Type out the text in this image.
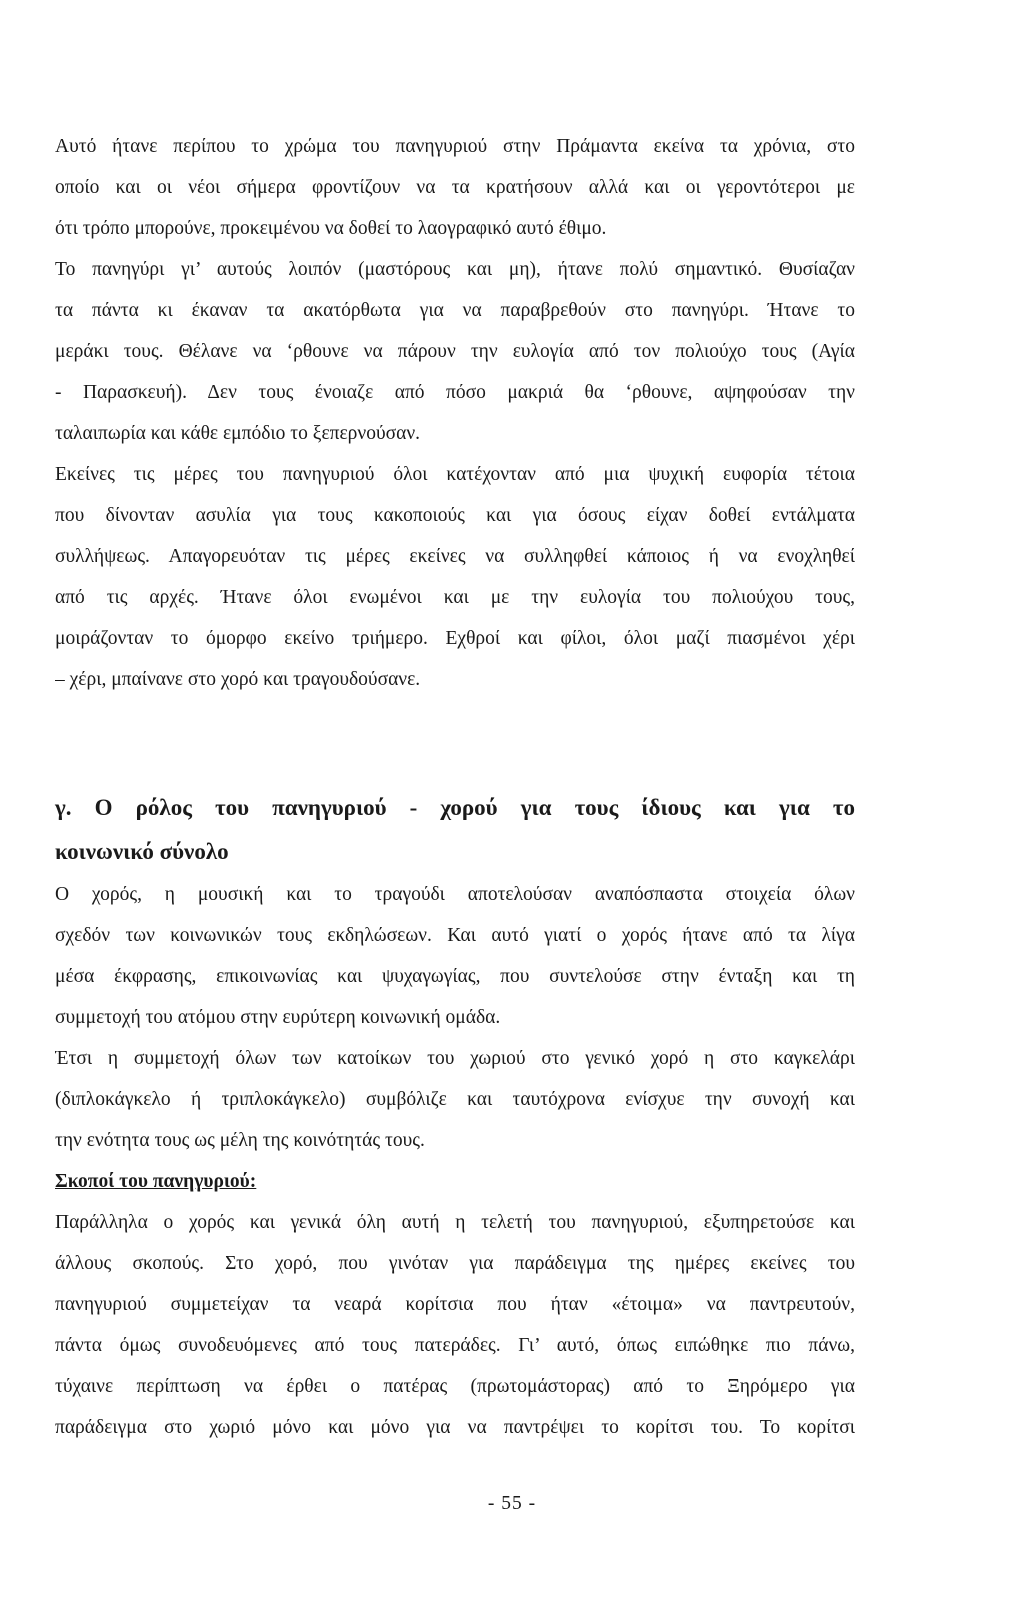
Αυτό ήτανε περίπου το χρώμα του πανηγυριού στην Πράμαντα εκείνα τα χρόνια, στο
οποίο και οι νέοι σήμερα φροντίζουν να τα κρατήσουν αλλά και οι γεροντότεροι με
ότι τρόπο μπορούνε, προκειμένου να δοθεί το λαογραφικό αυτό έθιμο.
Το πανηγύρι γι’ αυτούς λοιπόν (μαστόρους και μη), ήτανε πολύ σημαντικό. Θυσίαζαν
τα πάντα κι έκαναν τα ακατόρθωτα για να παραβρεθούν στο πανηγύρι. Ήτανε το
μεράκι τους. Θέλανε να ‘ρθουνε να πάρουν την ευλογία από τον πολιούχο τους (Αγία
- Παρασκευή). Δεν τους ένοιαζε από πόσο μακριά θα ‘ρθουνε, αψηφούσαν την
ταλαιπωρία και κάθε εμπόδιο το ξεπερνούσαν.
Εκείνες τις μέρες του πανηγυριού όλοι κατέχονταν από μια ψυχική ευφορία τέτοια
που δίνονταν ασυλία για τους κακοποιούς και για όσους είχαν δοθεί εντάλματα
συλλήψεως. Απαγορευόταν τις μέρες εκείνες να συλληφθεί κάποιος ή να ενοχληθεί
από τις αρχές. Ήτανε όλοι ενωμένοι και με την ευλογία του πολιούχου τους,
μοιράζονταν το όμορφο εκείνο τριήμερο. Εχθροί και φίλοι, όλοι μαζί πιασμένοι χέρι
– χέρι, μπαίνανε στο χορό και τραγουδούσανε.
γ. Ο ρόλος του πανηγυριού - χορού για τους ίδιους και για το
κοινωνικό σύνολο
Ο χορός, η μουσική και το τραγούδι αποτελούσαν αναπόσπαστα στοιχεία όλων
σχεδόν των κοινωνικών τους εκδηλώσεων. Και αυτό γιατί ο χορός ήτανε από τα λίγα
μέσα έκφρασης, επικοινωνίας και ψυχαγωγίας, που συντελούσε στην ένταξη και τη
συμμετοχή του ατόμου στην ευρύτερη κοινωνική ομάδα.
Έτσι η συμμετοχή όλων των κατοίκων του χωριού στο γενικό χορό η στο καγκελάρι
(διπλοκάγκελο ή τριπλοκάγκελο) συμβόλιζε και ταυτόχρονα ενίσχυε την συνοχή και
την ενότητα τους ως μέλη της κοινότητάς τους.
Σκοποί του πανηγυριού:
Παράλληλα ο χορός και γενικά όλη αυτή η τελετή του πανηγυριού, εξυπηρετούσε και
άλλους σκοπούς. Στο χορό, που γινόταν για παράδειγμα της ημέρες εκείνες του
πανηγυριού συμμετείχαν τα νεαρά κορίτσια που ήταν «έτοιμα» να παντρευτούν,
πάντα όμως συνοδευόμενες από τους πατεράδες. Γι’ αυτό, όπως ειπώθηκε πιο πάνω,
τύχαινε περίπτωση να έρθει ο πατέρας (πρωτομάστορας) από το Ξηρόμερο για
παράδειγμα στο χωριό μόνο και μόνο για να παντρέψει το κορίτσι του. Το κορίτσι
- 55 -
